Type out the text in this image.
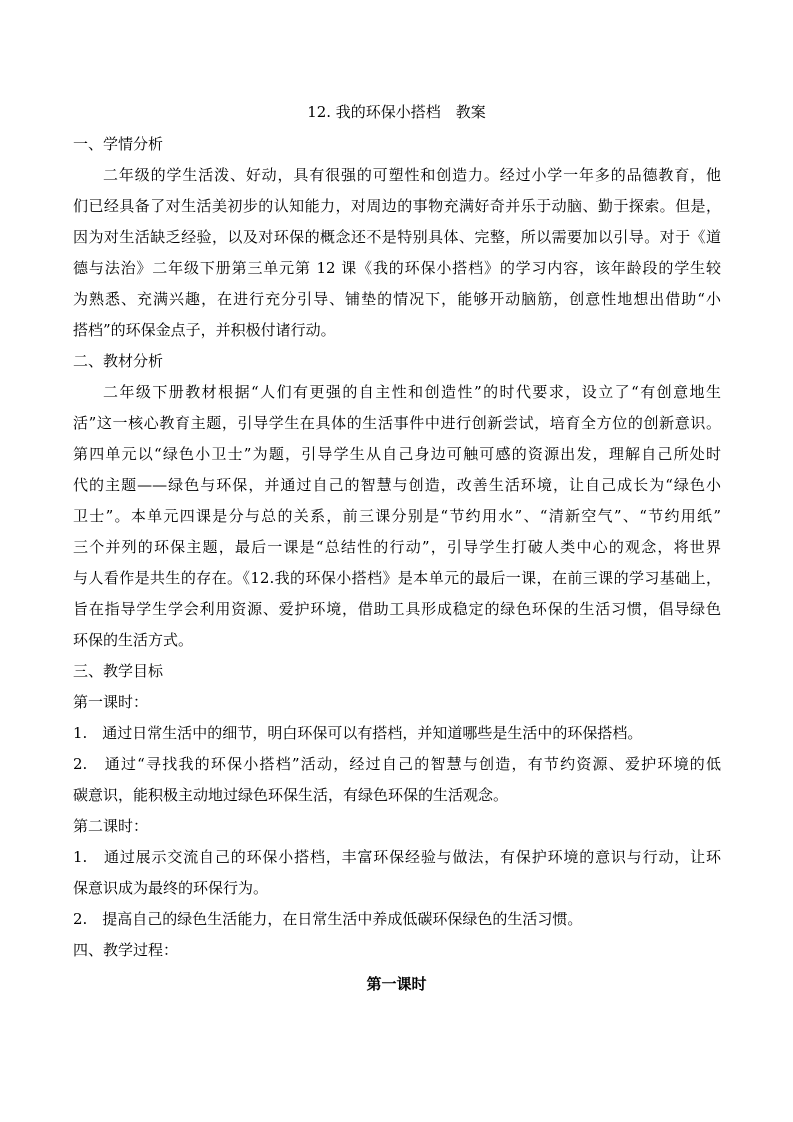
12. 我的环保小搭档　教案
一、学情分析
二年级的学生活泼、好动，具有很强的可塑性和创造力。经过小学一年多的品德教育，他
们已经具备了对生活美初步的认知能力，对周边的事物充满好奇并乐于动脑、勤于探索。但是，
因为对生活缺乏经验，以及对环保的概念还不是特别具体、完整，所以需要加以引导。对于《道
德与法治》二年级下册第三单元第 12 课《我的环保小搭档》的学习内容，该年龄段的学生较
为熟悉、充满兴趣，在进行充分引导、铺垫的情况下，能够开动脑筋，创意性地想出借助“小
搭档”的环保金点子，并积极付诸行动。
二、教材分析
二年级下册教材根据“人们有更强的自主性和创造性”的时代要求，设立了“有创意地生
活”这一核心教育主题，引导学生在具体的生活事件中进行创新尝试，培育全方位的创新意识。
第四单元以“绿色小卫士”为题，引导学生从自己身边可触可感的资源出发，理解自己所处时
代的主题——绿色与环保，并通过自己的智慧与创造，改善生活环境，让自己成长为“绿色小
卫士”。本单元四课是分与总的关系，前三课分别是“节约用水”、“清新空气”、“节约用纸”
三个并列的环保主题，最后一课是“总结性的行动”，引导学生打破人类中心的观念，将世界
与人看作是共生的存在。《12.我的环保小搭档》是本单元的最后一课，在前三课的学习基础上，
旨在指导学生学会利用资源、爱护环境，借助工具形成稳定的绿色环保的生活习惯，倡导绿色
环保的生活方式。
三、教学目标
第一课时：
1.　通过日常生活中的细节，明白环保可以有搭档，并知道哪些是生活中的环保搭档。
2.　通过“寻找我的环保小搭档”活动，经过自己的智慧与创造，有节约资源、爱护环境的低
碳意识，能积极主动地过绿色环保生活，有绿色环保的生活观念。
第二课时：
1.　通过展示交流自己的环保小搭档，丰富环保经验与做法，有保护环境的意识与行动，让环
保意识成为最终的环保行为。
2.　提高自己的绿色生活能力，在日常生活中养成低碳环保绿色的生活习惯。
四、教学过程：
第一课时
